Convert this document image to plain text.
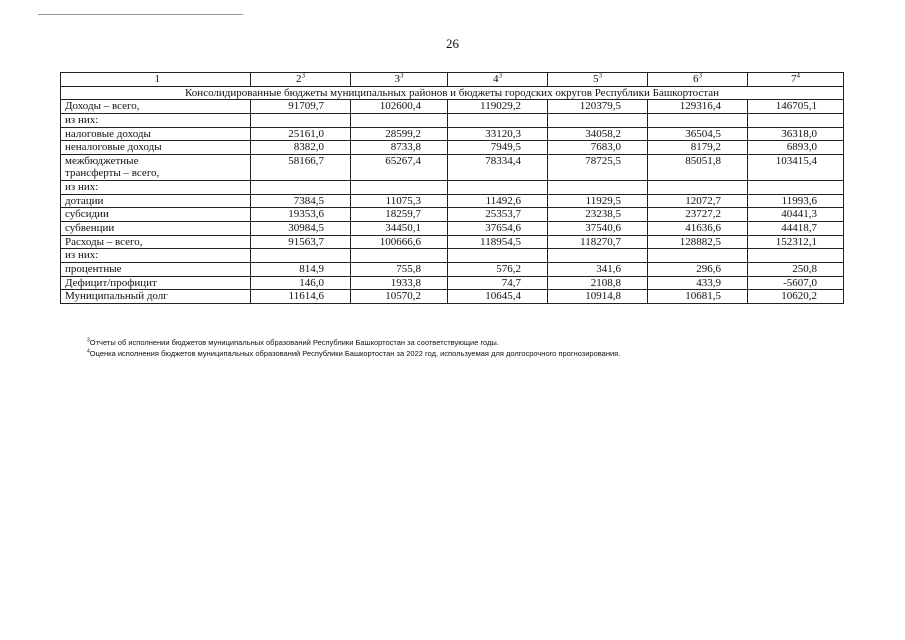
26
1	$2^3$	$3^3$	$4^3$	$5^3$	$6^3$	$7^4$
Консолидированные бюджеты муниципальных районов и бюджеты городских округов Республики Башкортостан						
Доходы – всего,	91709,7	102600,4	119029,2	120379,5	129316,4	146705,1
из них:						
налоговые доходы	25161,0	28599,2	33120,3	34058,2	36504,5	36318,0
неналоговые доходы	8382,0	8733,8	7949,5	7683,0	8179,2	6893,0
межбюджетные трансферты – всего,	58166,7	65267,4	78334,4	78725,5	85051,8	103415,4
из них:						
дотации	7384,5	11075,3	11492,6	11929,5	12072,7	11993,6
субсидии	19353,6	18259,7	25353,7	23238,5	23727,2	40441,3
субвенции	30984,5	34450,1	37654,6	37540,6	41636,6	44418,7
Расходы – всего,	91563,7	100666,6	118954,5	118270,7	128882,5	152312,1
из них:						
процентные	814,9	755,8	576,2	341,6	296,6	250,8
Дефицит/профицит	146,0	1933,8	74,7	2108,8	433,9	-5607,0
Муниципальный долг	11614,6	10570,2	10645,4	10914,8	10681,5	10620,2
$^3$Отчеты об исполнении бюджетов муниципальных образований Республики Башкортостан за соответствующие годы.
$^4$Оценка исполнения бюджетов муниципальных образований Республики Башкортостан за 2022 год, используемая для долгосрочного прогнозирования.
